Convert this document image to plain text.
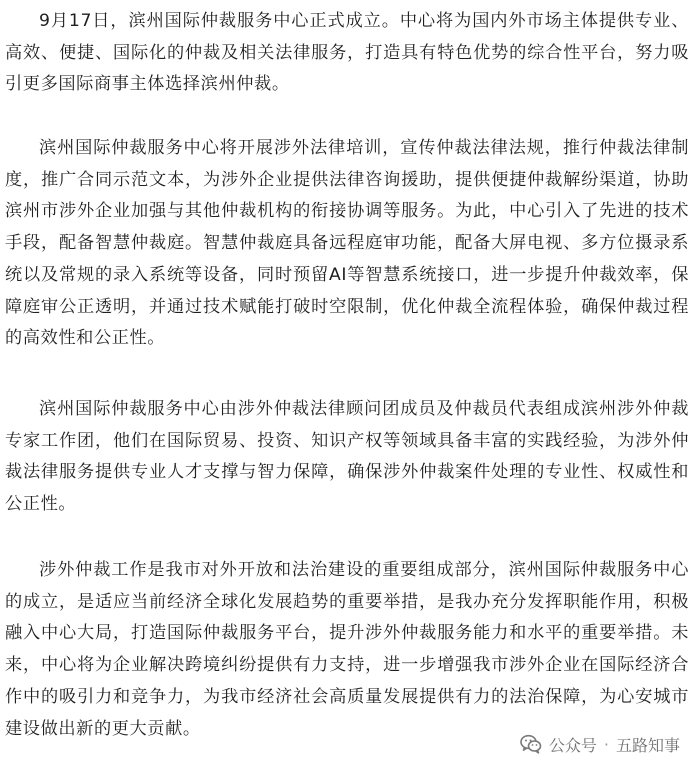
9月17日，滨州国际仲裁服务中心正式成立。中心将为国内外市场主体提供专业、高效、便捷、国际化的仲裁及相关法律服务，打造具有特色优势的综合性平台，努力吸引更多国际商事主体选择滨州仲裁。

滨州国际仲裁服务中心将开展涉外法律培训，宣传仲裁法律法规，推行仲裁法律制度，推广合同示范文本，为涉外企业提供法律咨询援助，提供便捷仲裁解纷渠道，协助滨州市涉外企业加强与其他仲裁机构的衔接协调等服务。为此，中心引入了先进的技术手段，配备智慧仲裁庭。智慧仲裁庭具备远程庭审功能，配备大屏电视、多方位摄录系统以及常规的录入系统等设备，同时预留AI等智慧系统接口，进一步提升仲裁效率，保障庭审公正透明，并通过技术赋能打破时空限制，优化仲裁全流程体验，确保仲裁过程的高效性和公正性。

滨州国际仲裁服务中心由涉外仲裁法律顾问团成员及仲裁员代表组成滨州涉外仲裁专家工作团，他们在国际贸易、投资、知识产权等领域具备丰富的实践经验，为涉外仲裁法律服务提供专业人才支撑与智力保障，确保涉外仲裁案件处理的专业性、权威性和公正性。

涉外仲裁工作是我市对外开放和法治建设的重要组成部分，滨州国际仲裁服务中心的成立，是适应当前经济全球化发展趋势的重要举措，是我办充分发挥职能作用，积极融入中心大局，打造国际仲裁服务平台，提升涉外仲裁服务能力和水平的重要举措。未来，中心将为企业解决跨境纠纷提供有力支持，进一步增强我市涉外企业在国际经济合作中的吸引力和竞争力，为我市经济社会高质量发展提供有力的法治保障，为心安城市建设做出新的更大贡献。

公众号 · 五路知事
